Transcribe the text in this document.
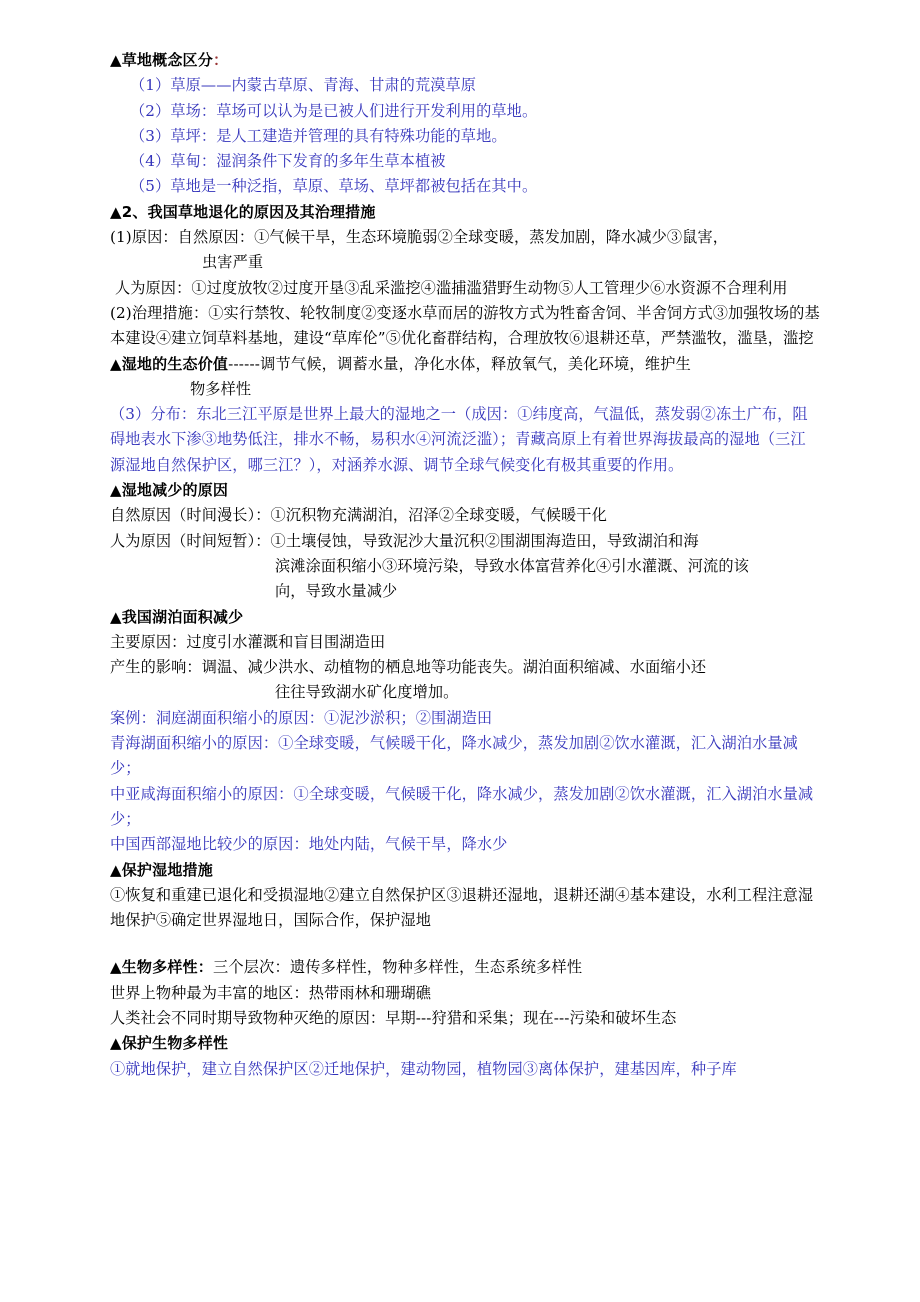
▲草地概念区分：

（1）草原——内蒙古草原、青海、甘肃的荒漠草原

（2）草场：草场可以认为是已被人们进行开发利用的草地。

（3）草坪：是人工建造并管理的具有特殊功能的草地。

（4）草甸：湿润条件下发育的多年生草本植被

（5）草地是一种泛指，草原、草场、草坪都被包括在其中。

▲2、我国草地退化的原因及其治理措施

(1)原因：自然原因：①气候干旱，生态环境脆弱②全球变暖，蒸发加剧，降水减少③鼠害，

虫害严重

人为原因：①过度放牧②过度开垦③乱采滥挖④滥捕滥猎野生动物⑤人工管理少⑥水资源不合理利用

(2)治理措施：①实行禁牧、轮牧制度②变逐水草而居的游牧方式为牲畜舍饲、半舍饲方式③加强牧场的基本建设④建立饲草料基地，建设“草库伦”⑤优化畜群结构，合理放牧⑥退耕还草，严禁滥牧，滥垦，滥挖

▲湿地的生态价值------调节气候，调蓄水量，净化水体，释放氧气，美化环境，维护生

物多样性

（3）分布：东北三江平原是世界上最大的湿地之一（成因：①纬度高，气温低，蒸发弱②冻土广布，阻碍地表水下渗③地势低注，排水不畅，易积水④河流泛滥）；青藏高原上有着世界海拔最高的湿地（三江源湿地自然保护区，哪三江？），对涵养水源、调节全球气候变化有极其重要的作用。

▲湿地减少的原因

自然原因（时间漫长）：①沉积物充满湖泊，沼泽②全球变暖，气候暖干化

人为原因（时间短暂）：①土壤侵蚀，导致泥沙大量沉积②围湖围海造田，导致湖泊和海

滨滩涂面积缩小③环境污染，导致水体富营养化④引水灌溉、河流的该

向，导致水量减少

▲我国湖泊面积减少

主要原因：过度引水灌溉和盲目围湖造田

产生的影响：调温、减少洪水、动植物的栖息地等功能丧失。湖泊面积缩减、水面缩小还

往往导致湖水矿化度增加。

案例：洞庭湖面积缩小的原因：①泥沙淤积；②围湖造田

青海湖面积缩小的原因：①全球变暖，气候暖干化，降水减少，蒸发加剧②饮水灌溉，汇入湖泊水量减少；

中亚咸海面积缩小的原因：①全球变暖，气候暖干化，降水减少，蒸发加剧②饮水灌溉，汇入湖泊水量减少；

中国西部湿地比较少的原因：地处内陆，气候干旱，降水少

▲保护湿地措施

①恢复和重建已退化和受损湿地②建立自然保护区③退耕还湿地，退耕还湖④基本建设，水利工程注意湿地保护⑤确定世界湿地日，国际合作，保护湿地

▲生物多样性：三个层次：遗传多样性，物种多样性，生态系统多样性

世界上物种最为丰富的地区：热带雨林和珊瑚礁

人类社会不同时期导致物种灭绝的原因：早期---狩猎和采集；现在---污染和破坏生态

▲保护生物多样性

①就地保护，建立自然保护区②迁地保护，建动物园，植物园③离体保护，建基因库，种子库
